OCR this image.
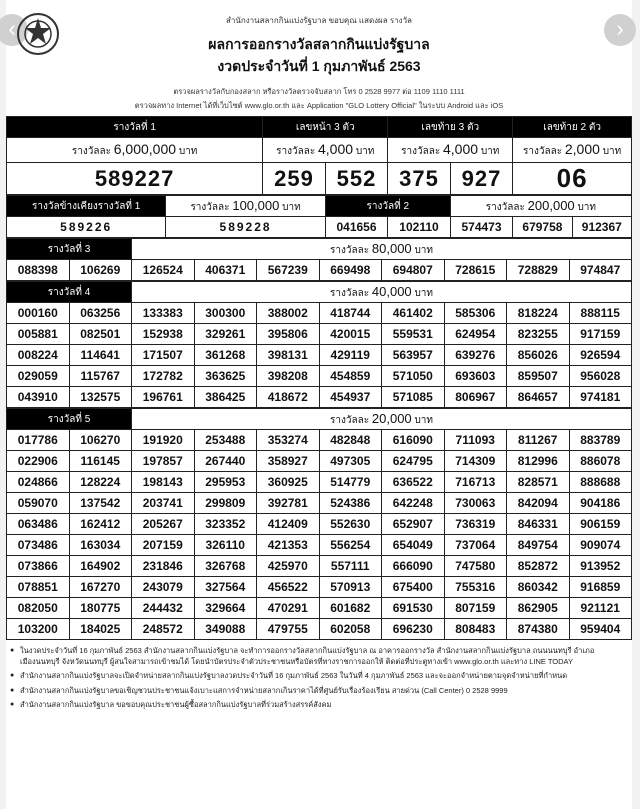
‹	›
สำนักงานสลากกินแบ่งรัฐบาล ขอบคุณ แสดงผล รางวัล
ผลการออกรางวัลสลากกินแบ่งรัฐบาล
งวดประจำวันที่ 1 กุมภาพันธ์ 2563
ตรวจผลรางวัลกับกองสลาก หรือรางวัลตรวจจับสลาก โทร 0 2528 9977 ต่อ 1109 1110 1111
ตรวจผลทาง Internet ได้ที่เว็บไซต์ www.glo.or.th และ Application "GLO Lottery Official" ในระบบ Android และ iOS
รางวัลที่ 1	เลขหน้า 3 ตัว		เลขท้าย 3 ตัว		เลขท้าย 2 ตัว
รางวัลละ 6,000,000 บาท	รางวัลละ 4,000 บาท		รางวัลละ 4,000 บาท		รางวัลละ 2,000 บาท
589227	259	552	375	927	06
รางวัลข้างเคียงรางวัลที่ 1	รางวัลละ 100,000 บาท	รางวัลที่ 2		รางวัลละ 200,000 บาท		
589226	589228	041656	102110	574473	679758	912367
รางวัลที่ 3		รางวัลละ 80,000 บาท							
088398	106269	126524	406371	567239	669498	694807	728615	728829	974847
รางวัลที่ 4		รางวัลละ 40,000 บาท							
000160	063256	133383	300300	388002	418744	461402	585306	818224	888115
005881	082501	152938	329261	395806	420015	559531	624954	823255	917159
008224	114641	171507	361268	398131	429119	563957	639276	856026	926594
029059	115767	172782	363625	398208	454859	571050	693603	859507	956028
043910	132575	196761	386425	418672	454937	571085	806967	864657	974181
รางวัลที่ 5		รางวัลละ 20,000 บาท							
017786	106270	191920	253488	353274	482848	616090	711093	811267	883789
022906	116145	197857	267440	358927	497305	624795	714309	812996	886078
024866	128224	198143	295953	360925	514779	636522	716713	828571	888688
059070	137542	203741	299809	392781	524386	642248	730063	842094	904186
063486	162412	205267	323352	412409	552630	652907	736319	846331	906159
073486	163034	207159	326110	421353	556254	654049	737064	849754	909074
073866	164902	231846	326768	425970	557111	666090	747580	852872	913952
078851	167270	243079	327564	456522	570913	675400	755316	860342	916859
082050	180775	244432	329664	470291	601682	691530	807159	862905	921121
103200	184025	248572	349088	479755	602058	696230	808483	874380	959404
● ในงวดประจำวันที่ 16 กุมภาพันธ์ 2563 สำนักงานสลากกินแบ่งรัฐบาล จะทำการออกรางวัลสลากกินแบ่งรัฐบาล ณ อาคารออกรางวัล สำนักงานสลากกินแบ่งรัฐบาล ถนนนนทบุรี อำเภอเมืองนนทบุรี จังหวัดนนทบุรี ผู้สนใจสามารถเข้าชมได้ โดยนำบัตรประจำตัวประชาชนหรือบัตรที่ทางราชการออกให้ ติดต่อที่ประตูทางเข้า www.glo.or.th และทาง LINE TODAY
● สำนักงานสลากกินแบ่งรัฐบาลจะเปิดจำหน่ายสลากกินแบ่งรัฐบาลงวดประจำวันที่ 16 กุมภาพันธ์ 2563 ในวันที่ 4 กุมภาพันธ์ 2563 และจะออกจำหน่ายตามจุดจำหน่ายที่กำหนด
● สำนักงานสลากกินแบ่งรัฐบาลขอเชิญชวนประชาชนแจ้งเบาะแสการจำหน่ายสลากเกินราคาได้ที่ศูนย์รับเรื่องร้องเรียน สายด่วน (Call Center) 0 2528 9999
● สำนักงานสลากกินแบ่งรัฐบาล ขอขอบคุณประชาชนผู้ซื้อสลากกินแบ่งรัฐบาลที่ร่วมสร้างสรรค์สังคม
